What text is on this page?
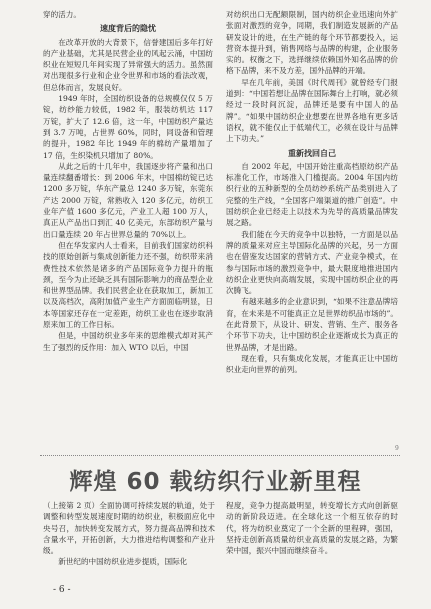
穿的活力。

速度背后的隐忧

在改革开放的大背景下，信誉建国后多年打好的产业基础，尤其是民营企业的风起云涌，中国纺织业在短短几年间实现了异常强大的活力。虽然面对出现很多行业和企业令世界和市场的看法改观，但总体而言，发展良好。

1949 年时，全国纺织设备的总规模仅仅 5 万锭，纺纱能力较低，1982 年，服装纺机达 117 万锭，扩大了 12.6 倍，这一年，中国纺织产量达到 3.7 万吨，占世界 60%，同时，同设备和管理的提升，1982 年比 1949 年的棉纺产量增加了 17 倍，生织染机只增加了 80%。

从此之后的十几年中，我国逐步将产量和出口量连续翻番增长：到 2006 年末，中国棉纺锭已达 1200 多万锭，华东产量总 1240 多万锭，东莞东产达 2000 万锭，常熟收入 120 多亿元，纺织工业年产值 1600 多亿元，产业工人超 100 万人，真正从产品出口到汇 40 亿美元，东部纺织产量与出口量连续 20 年占世界总量的 70%以上。

但在华发家内人士看来，目前我们国家纺织科技的原始创新与集成创新能力还不强，纺织带来消费性技术依然是诸多的产品国际竞争力提升的瓶颈，至今为止还缺乏具有国际影响力的商品型企业和世界型品牌。我们民营企业在获取加工，新加工以及高档次，高附加值产业生产方面面临明显，日本等国家还存在一定差距，纺织工业也在逐步取消原来加工的工作日标。

但是，中国纺织业多年来的思维模式却对其产生了强烈的反作用：加入 WTO 以后，中国

对纺织出口无配额限制，国内纺织企业迅速向外扩张面对激烈的竞争，同期，我们制造发展新的产品研发设计的进，在生产链的每个环节都要投入，运营资本提升到，销售网络与品牌的构建，企业服务实的。权衡之下，选择继续依赖国外知名品牌的价格下品牌，来不及方差，国外品牌的开端。

早在几年前，美国《时代周刊》就曾经专门报道到：“中国若想让品牌在国际舞台上打响，就必须经过一段时间沉淀，品牌还是要有中国人的品牌”。“如果中国纺织企业想要在世界各地有更多话语权，就不能仅止于低端代工，必须在设计与品牌上下功夫。”

重新找回自己

自 2002 年起，中国开始注重高档原纺织产品标准化工作，市场准入门槛提高。2004 年国内纺织行业的五种新型的全员纺纱系统产品类别进入了完整的生产线，“全国客户端渠道的推广创造”。中国纺织企业已经走上以技术为先导的高质量品牌发展之路。

我们能在今天的竞争中以独特，一方面是以品牌的质量来对应主导国际化品牌的兴起，另一方面也在借鉴发达国家的营销方式、产业竞争模式，在参与国际市场的激烈竞争中，最大限度地推进国内纺织企业更快向高端发展，实现中国纺织企业的再次腾飞。

有越来越多的企业意识到，“如果不注意品牌培育，在未来是不可能真正立足世界纺织品市场的”。在此背景下，从设计、研发、营销、生产、服务各个环节下功夫，让中国纺织企业逐渐成长为真正的世界品牌，才是出路。

现在看，只有集成化发展，才能真正让中国纺织业走向世界的前列。

9
辉煌 60 载纺织行业新里程

（上接第 2 页）全面协调可持续发展的轨道，处于调整和转型发展速度时期的纺织业，积极面应化中央号召，加快转变发展方式，努力提高品牌和技术含量水平，开拓创新，大力推进结构调整和产业升级。

新世纪的中国纺织业进步提质，国际化

程度，竞争力提高最明显，转变增长方式向创新驱动的新阶段迈进。在全球化这一个相互依存的时代，将为纺织业奠定了一个全新的里程碑，强国，坚持走创新高质量纺织业高质量的发展之路，为繁荣中国，振兴中国而继续奋斗。

- 6 -
